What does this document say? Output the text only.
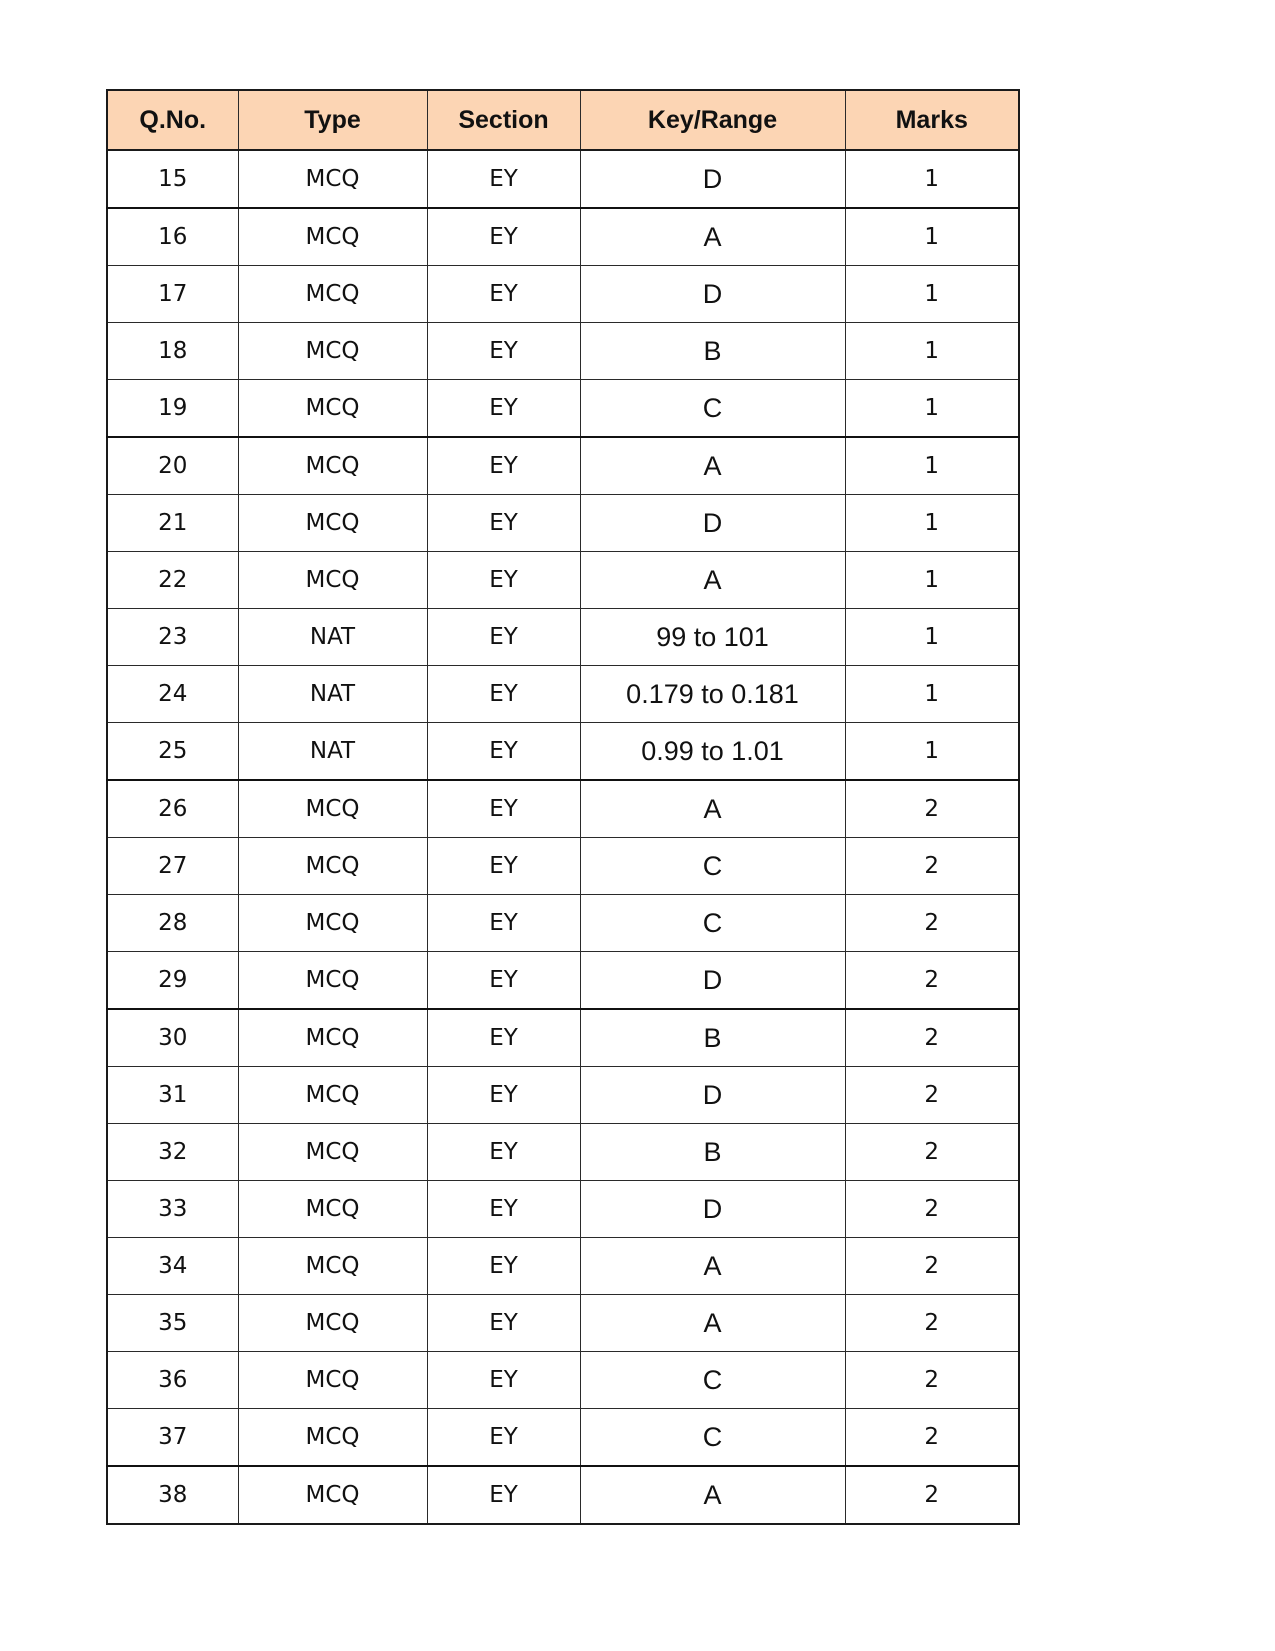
Q.No.	Type	Section	Key/Range	Marks
15	MCQ	EY	D	1
16	MCQ	EY	A	1
17	MCQ	EY	D	1
18	MCQ	EY	B	1
19	MCQ	EY	C	1
20	MCQ	EY	A	1
21	MCQ	EY	D	1
22	MCQ	EY	A	1
23	NAT	EY	99 to 101	1
24	NAT	EY	0.179 to 0.181	1
25	NAT	EY	0.99 to 1.01	1
26	MCQ	EY	A	2
27	MCQ	EY	C	2
28	MCQ	EY	C	2
29	MCQ	EY	D	2
30	MCQ	EY	B	2
31	MCQ	EY	D	2
32	MCQ	EY	B	2
33	MCQ	EY	D	2
34	MCQ	EY	A	2
35	MCQ	EY	A	2
36	MCQ	EY	C	2
37	MCQ	EY	C	2
38	MCQ	EY	A	2
